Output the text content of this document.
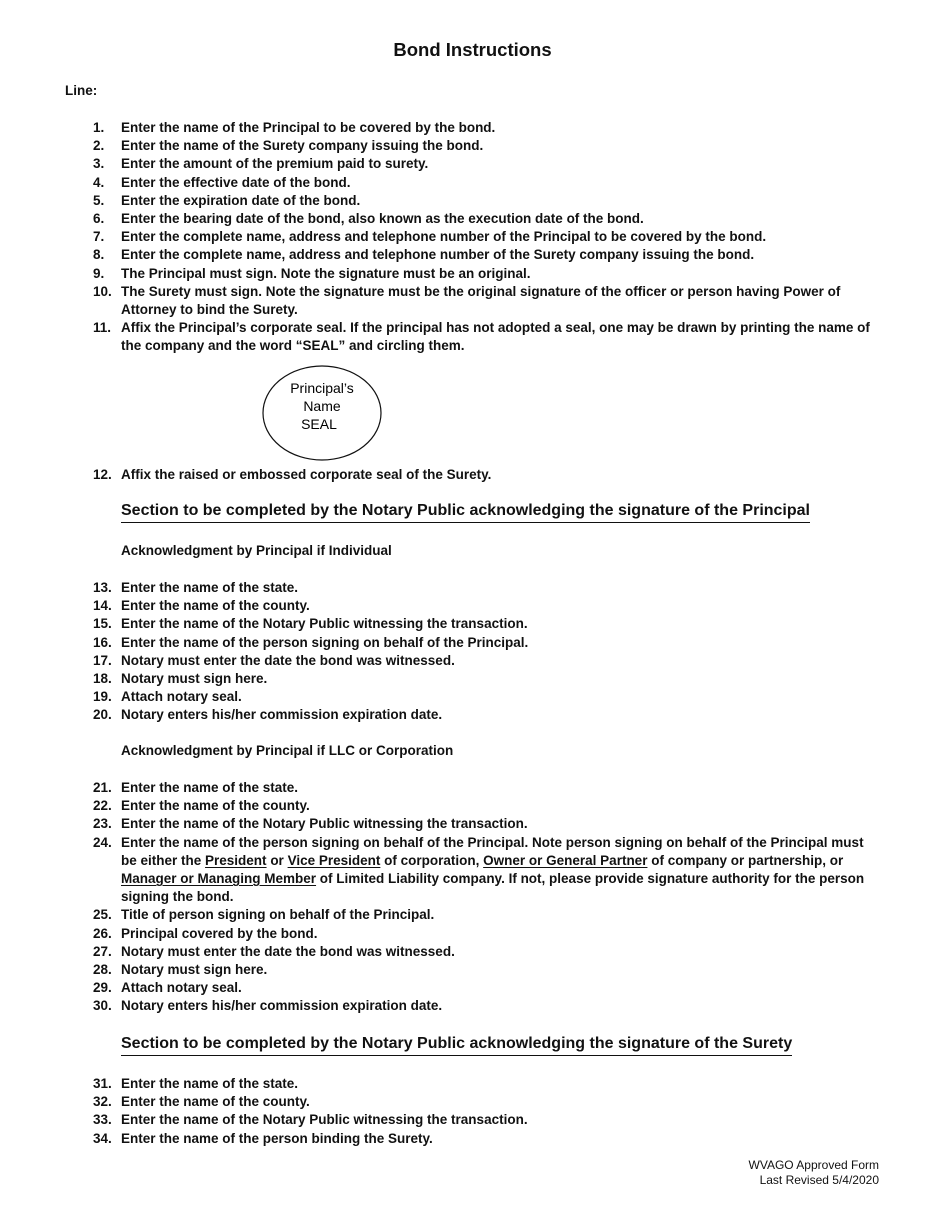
Bond Instructions
Line:
1. Enter the name of the Principal to be covered by the bond.
2. Enter the name of the Surety company issuing the bond.
3. Enter the amount of the premium paid to surety.
4. Enter the effective date of the bond.
5. Enter the expiration date of the bond.
6. Enter the bearing date of the bond, also known as the execution date of the bond.
7. Enter the complete name, address and telephone number of the Principal to be covered by the bond.
8. Enter the complete name, address and telephone number of the Surety company issuing the bond.
9. The Principal must sign. Note the signature must be an original.
10. The Surety must sign. Note the signature must be the original signature of the officer or person having Power of Attorney to bind the Surety.
11. Affix the Principal’s corporate seal. If the principal has not adopted a seal, one may be drawn by printing the name of the company and the word “SEAL” and circling them.
Principal’s
Name
SEAL
12. Affix the raised or embossed corporate seal of the Surety.
Section to be completed by the Notary Public acknowledging the signature of the Principal
Acknowledgment by Principal if Individual
13. Enter the name of the state.
14. Enter the name of the county.
15. Enter the name of the Notary Public witnessing the transaction.
16. Enter the name of the person signing on behalf of the Principal.
17. Notary must enter the date the bond was witnessed.
18. Notary must sign here.
19. Attach notary seal.
20. Notary enters his/her commission expiration date.
Acknowledgment by Principal if LLC or Corporation
21. Enter the name of the state.
22. Enter the name of the county.
23. Enter the name of the Notary Public witnessing the transaction.
24. Enter the name of the person signing on behalf of the Principal. Note person signing on behalf of the Principal must be either the President or Vice President of corporation, Owner or General Partner of company or partnership, or Manager or Managing Member of Limited Liability company. If not, please provide signature authority for the person signing the bond.
25. Title of person signing on behalf of the Principal.
26. Principal covered by the bond.
27. Notary must enter the date the bond was witnessed.
28. Notary must sign here.
29. Attach notary seal.
30. Notary enters his/her commission expiration date.
Section to be completed by the Notary Public acknowledging the signature of the Surety
31. Enter the name of the state.
32. Enter the name of the county.
33. Enter the name of the Notary Public witnessing the transaction.
34. Enter the name of the person binding the Surety.
WVAGO Approved Form
Last Revised 5/4/2020
